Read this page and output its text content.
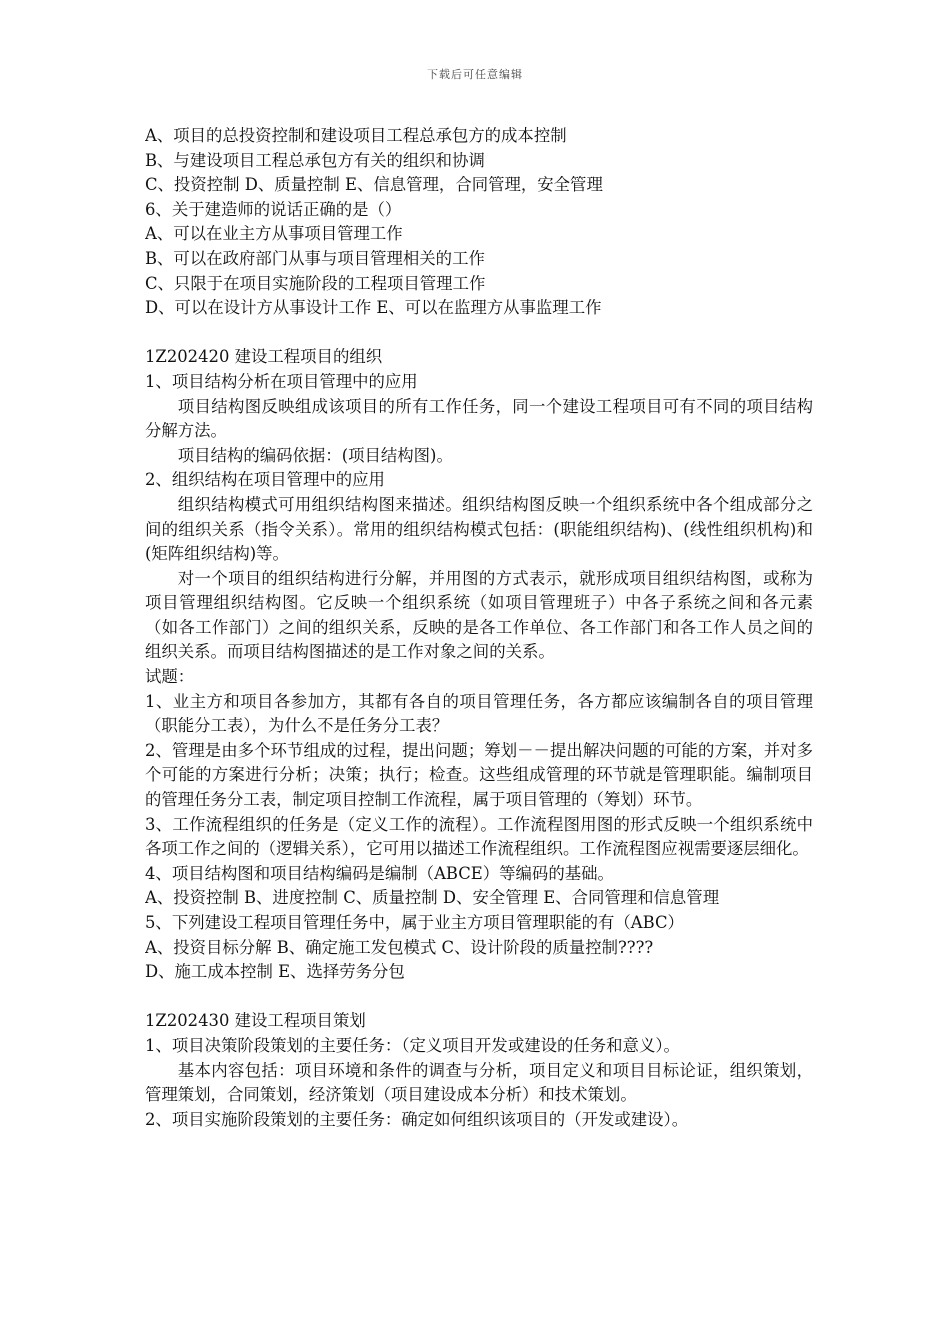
下载后可任意编辑

A、项目的总投资控制和建设项目工程总承包方的成本控制

B、与建设项目工程总承包方有关的组织和协调

C、投资控制 D、质量控制 E、信息管理，合同管理，安全管理

6、关于建造师的说话正确的是（）

A、可以在业主方从事项目管理工作

B、可以在政府部门从事与项目管理相关的工作

C、只限于在项目实施阶段的工程项目管理工作

D、可以在设计方从事设计工作 E、可以在监理方从事监理工作

1Z202420 建设工程项目的组织

1、项目结构分析在项目管理中的应用

项目结构图反映组成该项目的所有工作任务，同一个建设工程项目可有不同的项目结构分解方法。

项目结构的编码依据：(项目结构图)。

2、组织结构在项目管理中的应用

组织结构模式可用组织结构图来描述。组织结构图反映一个组织系统中各个组成部分之间的组织关系（指令关系）。常用的组织结构模式包括：(职能组织结构)、(线性组织机构)和(矩阵组织结构)等。

对一个项目的组织结构进行分解，并用图的方式表示，就形成项目组织结构图，或称为项目管理组织结构图。它反映一个组织系统（如项目管理班子）中各子系统之间和各元素（如各工作部门）之间的组织关系，反映的是各工作单位、各工作部门和各工作人员之间的组织关系。而项目结构图描述的是工作对象之间的关系。

试题：

1、业主方和项目各参加方，其都有各自的项目管理任务，各方都应该编制各自的项目管理（职能分工表），为什么不是任务分工表？

2、管理是由多个环节组成的过程，提出问题；筹划－－提出解决问题的可能的方案，并对多个可能的方案进行分析；决策；执行；检查。这些组成管理的环节就是管理职能。编制项目的管理任务分工表，制定项目控制工作流程，属于项目管理的（筹划）环节。

3、工作流程组织的任务是（定义工作的流程）。工作流程图用图的形式反映一个组织系统中各项工作之间的（逻辑关系），它可用以描述工作流程组织。工作流程图应视需要逐层细化。

4、项目结构图和项目结构编码是编制（ABCE）等编码的基础。

A、投资控制 B、进度控制 C、质量控制 D、安全管理 E、合同管理和信息管理

5、下列建设工程项目管理任务中，属于业主方项目管理职能的有（ABC）

A、投资目标分解 B、确定施工发包模式 C、设计阶段的质量控制????

D、施工成本控制 E、选择劳务分包

1Z202430 建设工程项目策划

1、项目决策阶段策划的主要任务：（定义项目开发或建设的任务和意义）。

基本内容包括：项目环境和条件的调查与分析，项目定义和项目目标论证，组织策划，管理策划，合同策划，经济策划（项目建设成本分析）和技术策划。

2、项目实施阶段策划的主要任务：确定如何组织该项目的（开发或建设）。
